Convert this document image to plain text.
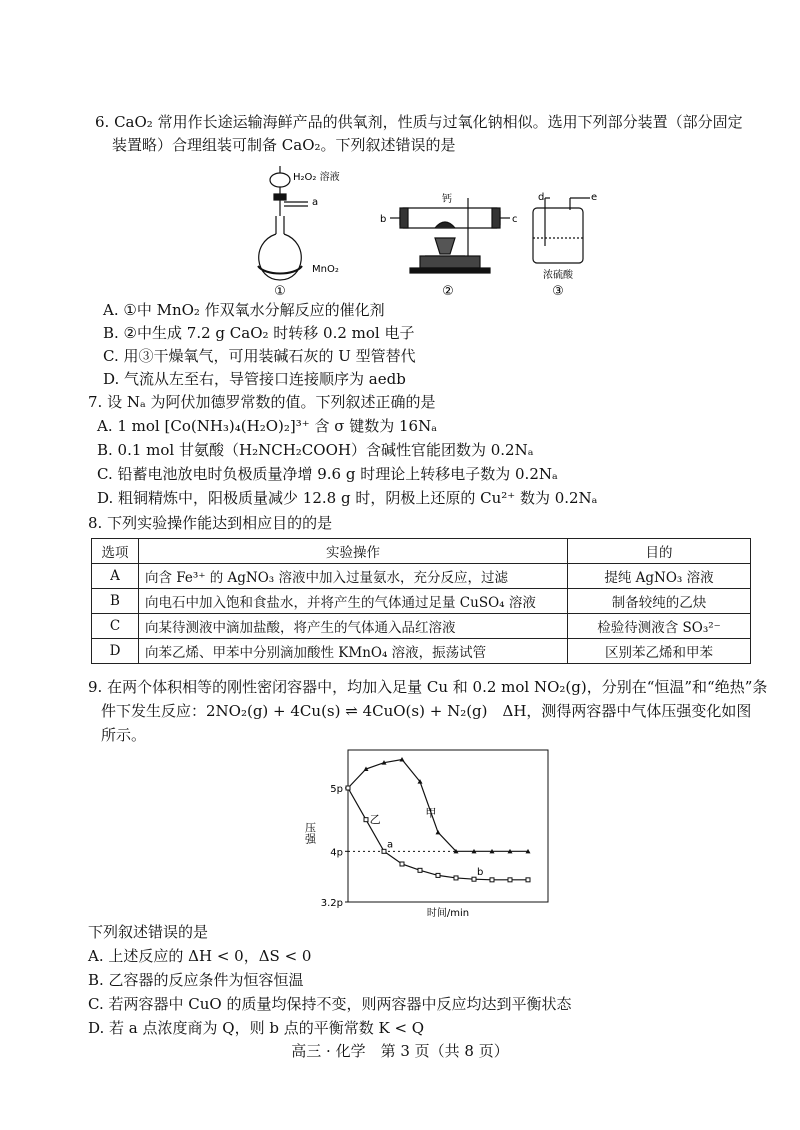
6. CaO₂ 常用作长途运输海鲜产品的供氧剂，性质与过氧化钠相似。选用下列部分装置（部分固定
装置略）合理组装可制备 CaO₂。下列叙述错误的是
H₂O₂ 溶液
a
MnO₂
①
钙
b	c
②
d	e
浓硫酸
③
A. ①中 MnO₂ 作双氧水分解反应的催化剂
B. ②中生成 7.2 g CaO₂ 时转移 0.2 mol 电子
C. 用③干燥氧气，可用装碱石灰的 U 型管替代
D. 气流从左至右，导管接口连接顺序为 aedb
7. 设 Nₐ 为阿伏加德罗常数的值。下列叙述正确的是
A. 1 mol [Co(NH₃)₄(H₂O)₂]³⁺ 含 σ 键数为 16Nₐ
B. 0.1 mol 甘氨酸（H₂NCH₂COOH）含碱性官能团数为 0.2Nₐ
C. 铅蓄电池放电时负极质量净增 9.6 g 时理论上转移电子数为 0.2Nₐ
D. 粗铜精炼中，阳极质量减少 12.8 g 时，阴极上还原的 Cu²⁺ 数为 0.2Nₐ
8. 下列实验操作能达到相应目的的是
选项	实验操作	目的
A	向含 Fe³⁺ 的 AgNO₃ 溶液中加入过量氨水，充分反应，过滤	提纯 AgNO₃ 溶液
B	向电石中加入饱和食盐水，并将产生的气体通过足量 CuSO₄ 溶液	制备较纯的乙炔
C	向某待测液中滴加盐酸，将产生的气体通入品红溶液	检验待测液含 SO₃²⁻
D	向苯乙烯、甲苯中分别滴加酸性 KMnO₄ 溶液，振荡试管	区别苯乙烯和甲苯
9. 在两个体积相等的刚性密闭容器中，均加入足量 Cu 和 0.2 mol NO₂(g)，分别在“恒温”和“绝热”条
件下发生反应：2NO₂(g) + 4Cu(s) ⇌ 4CuO(s) + N₂(g)　ΔH，测得两容器中气体压强变化如图
所示。
压强
时间/min
5p
4p
3.2p
甲
乙
a
b
下列叙述错误的是
A. 上述反应的 ΔH < 0，ΔS < 0
B. 乙容器的反应条件为恒容恒温
C. 若两容器中 CuO 的质量均保持不变，则两容器中反应均达到平衡状态
D. 若 a 点浓度商为 Q，则 b 点的平衡常数 K < Q
高三 · 化学　第 3 页（共 8 页）
